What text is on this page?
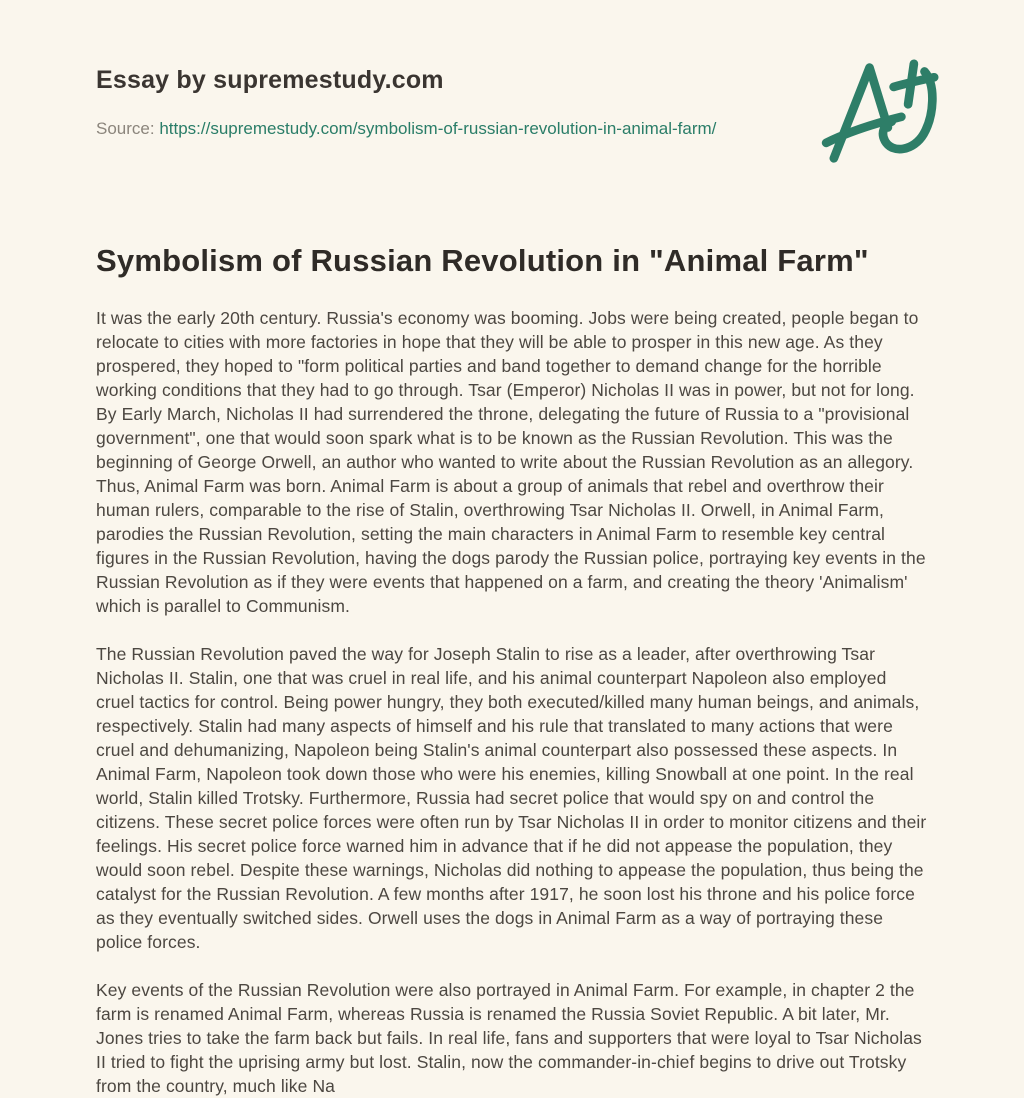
Essay by supremestudy.com

Source: https://supremestudy.com/symbolism-of-russian-revolution-in-animal-farm/

Symbolism of Russian Revolution in "Animal Farm"

It was the early 20th century. Russia's economy was booming. Jobs were being created, people began to relocate to cities with more factories in hope that they will be able to prosper in this new age. As they prospered, they hoped to "form political parties and band together to demand change for the horrible working conditions that they had to go through. Tsar (Emperor) Nicholas II was in power, but not for long. By Early March, Nicholas II had surrendered the throne, delegating the future of Russia to a "provisional government", one that would soon spark what is to be known as the Russian Revolution. This was the beginning of George Orwell, an author who wanted to write about the Russian Revolution as an allegory. Thus, Animal Farm was born. Animal Farm is about a group of animals that rebel and overthrow their human rulers, comparable to the rise of Stalin, overthrowing Tsar Nicholas II. Orwell, in Animal Farm, parodies the Russian Revolution, setting the main characters in Animal Farm to resemble key central figures in the Russian Revolution, having the dogs parody the Russian police, portraying key events in the Russian Revolution as if they were events that happened on a farm, and creating the theory 'Animalism' which is parallel to Communism.

The Russian Revolution paved the way for Joseph Stalin to rise as a leader, after overthrowing Tsar Nicholas II. Stalin, one that was cruel in real life, and his animal counterpart Napoleon also employed cruel tactics for control. Being power hungry, they both executed/killed many human beings, and animals, respectively. Stalin had many aspects of himself and his rule that translated to many actions that were cruel and dehumanizing, Napoleon being Stalin's animal counterpart also possessed these aspects. In Animal Farm, Napoleon took down those who were his enemies, killing Snowball at one point. In the real world, Stalin killed Trotsky. Furthermore, Russia had secret police that would spy on and control the citizens. These secret police forces were often run by Tsar Nicholas II in order to monitor citizens and their feelings. His secret police force warned him in advance that if he did not appease the population, they would soon rebel. Despite these warnings, Nicholas did nothing to appease the population, thus being the catalyst for the Russian Revolution. A few months after 1917, he soon lost his throne and his police force as they eventually switched sides. Orwell uses the dogs in Animal Farm as a way of portraying these police forces.

Key events of the Russian Revolution were also portrayed in Animal Farm. For example, in chapter 2 the farm is renamed Animal Farm, whereas Russia is renamed the Russia Soviet Republic. A bit later, Mr. Jones tries to take the farm back but fails. In real life, fans and supporters that were loyal to Tsar Nicholas II tried to fight the uprising army but lost. Stalin, now the commander-in-chief begins to drive out Trotsky from the country, much like Na
